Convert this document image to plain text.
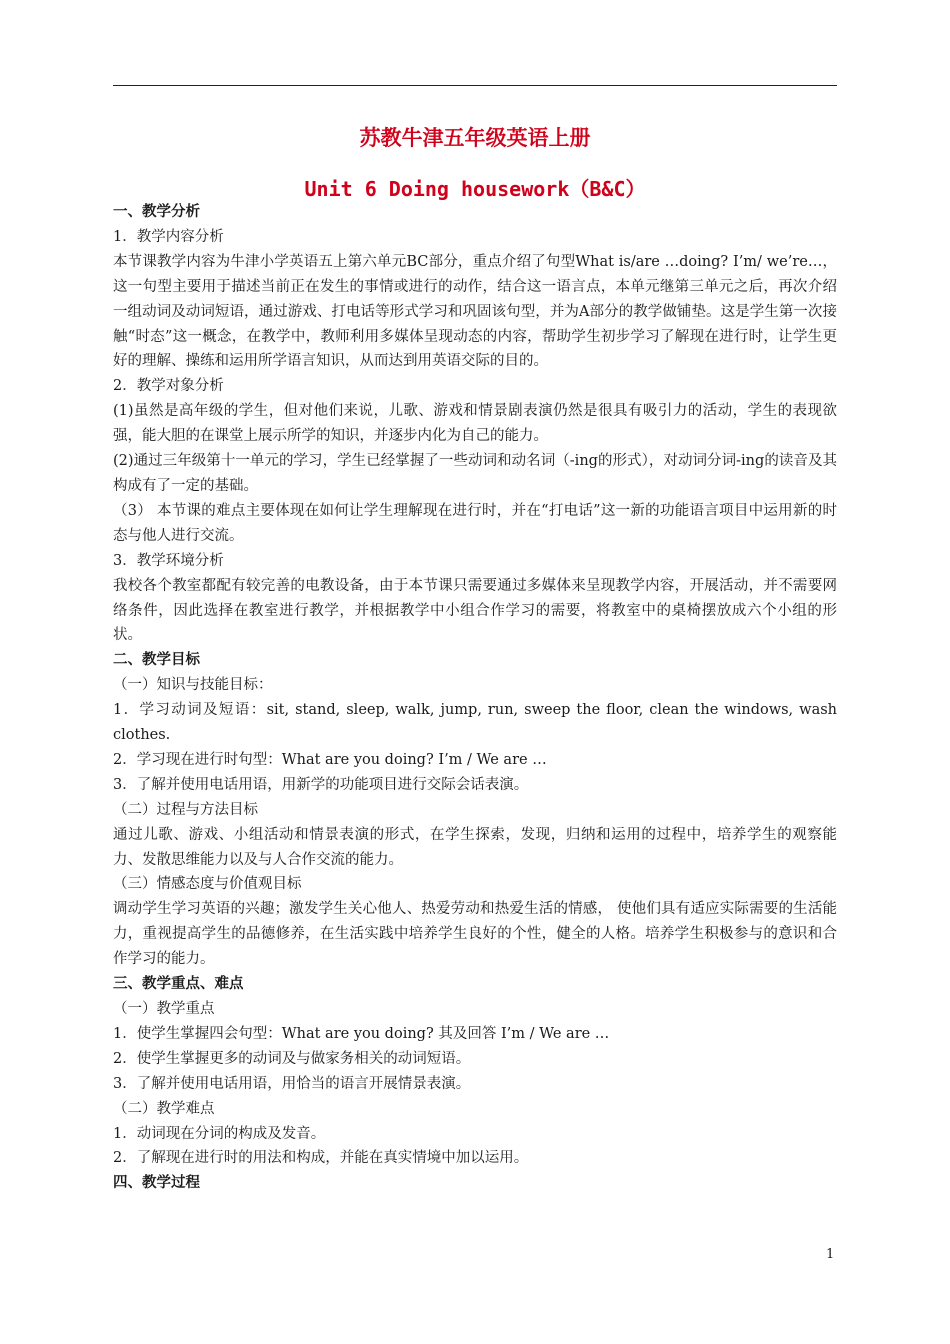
苏教牛津五年级英语上册
Unit 6 Doing housework（B&C）

一、教学分析

1．教学内容分析

本节课教学内容为牛津小学英语五上第六单元BC部分，重点介绍了句型What is/are …doing? I’m/ we’re…，这一句型主要用于描述当前正在发生的事情或进行的动作，结合这一语言点，本单元继第三单元之后，再次介绍一组动词及动词短语，通过游戏、打电话等形式学习和巩固该句型，并为A部分的教学做铺垫。这是学生第一次接触“时态”这一概念，在教学中，教师利用多媒体呈现动态的内容，帮助学生初步学习了解现在进行时，让学生更好的理解、操练和运用所学语言知识，从而达到用英语交际的目的。

2．教学对象分析

(1)虽然是高年级的学生，但对他们来说，儿歌、游戏和情景剧表演仍然是很具有吸引力的活动，学生的表现欲强，能大胆的在课堂上展示所学的知识，并逐步内化为自己的能力。

(2)通过三年级第十一单元的学习，学生已经掌握了一些动词和动名词（-ing的形式），对动词分词-ing的读音及其构成有了一定的基础。

（3） 本节课的难点主要体现在如何让学生理解现在进行时，并在“打电话”这一新的功能语言项目中运用新的时态与他人进行交流。

3．教学环境分析

我校各个教室都配有较完善的电教设备，由于本节课只需要通过多媒体来呈现教学内容，开展活动，并不需要网络条件，因此选择在教室进行教学，并根据教学中小组合作学习的需要，将教室中的桌椅摆放成六个小组的形状。

二、教学目标

（一）知识与技能目标：

1．学习动词及短语：sit, stand, sleep, walk, jump, run, sweep the floor, clean the windows, wash clothes.

2．学习现在进行时句型：What are you doing? I’m / We are …

3．了解并使用电话用语，用新学的功能项目进行交际会话表演。

（二）过程与方法目标

通过儿歌、游戏、小组活动和情景表演的形式，在学生探索，发现，归纳和运用的过程中，培养学生的观察能力、发散思维能力以及与人合作交流的能力。

（三）情感态度与价值观目标

调动学生学习英语的兴趣；激发学生关心他人、热爱劳动和热爱生活的情感， 使他们具有适应实际需要的生活能力，重视提高学生的品德修养，在生活实践中培养学生良好的个性，健全的人格。培养学生积极参与的意识和合作学习的能力。

三、教学重点、难点

（一）教学重点

1．使学生掌握四会句型：What are you doing? 其及回答 I’m / We are …

2．使学生掌握更多的动词及与做家务相关的动词短语。

3．了解并使用电话用语，用恰当的语言开展情景表演。

（二）教学难点

1．动词现在分词的构成及发音。

2．了解现在进行时的用法和构成，并能在真实情境中加以运用。

四、教学过程

1
